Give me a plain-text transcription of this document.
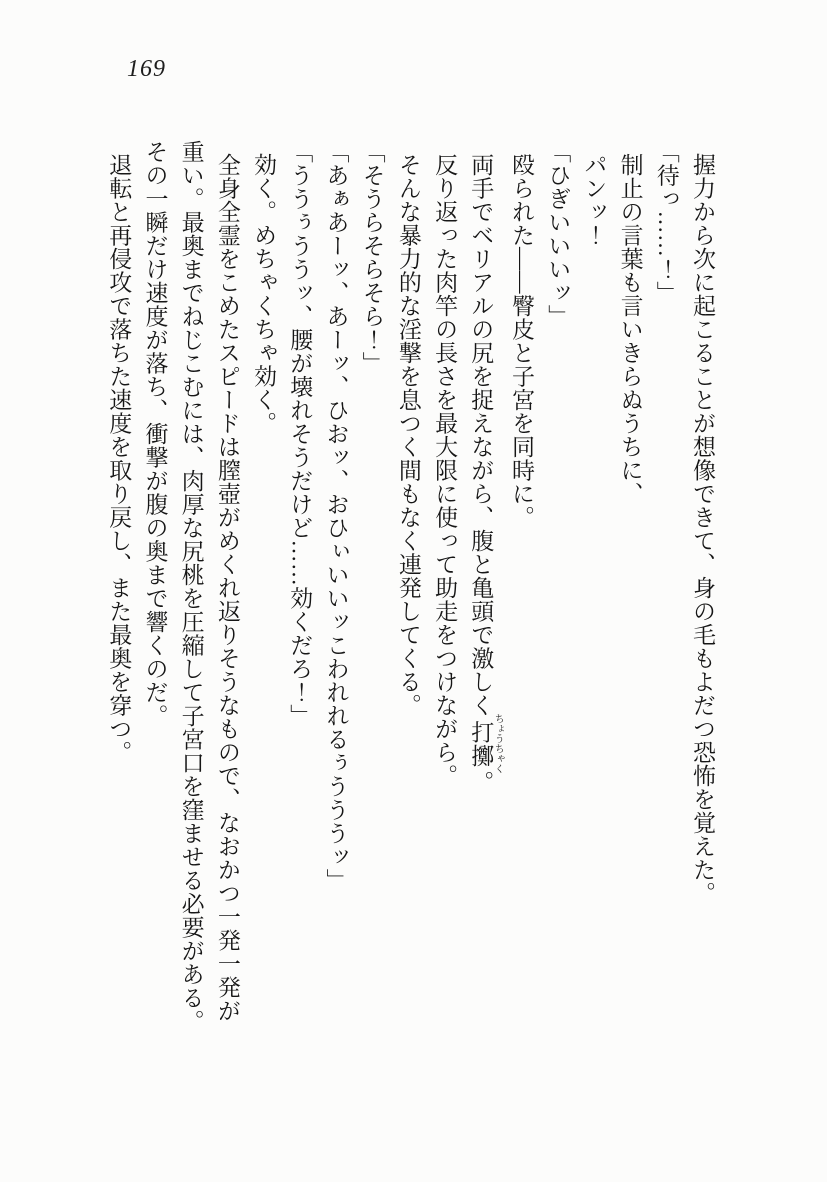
169

握力から次に起こることが想像できて、身の毛もよだつ恐怖を覚えた。

「待っ……！」

制止の言葉も言いきらぬうちに、

パンッ！

「ひぎいいいッ」

殴られた――臀皮と子宮を同時に。

両手でベリアルの尻を捉えながら、腹と亀頭で激しく打擲 ちょうちゃく。

反り返った肉竿の長さを最大限に使って助走をつけながら。

そんな暴力的な淫撃を息つく間もなく連発してくる。

「そうらそらそら！」

「あぁあーッ、あーッ、ひおッ、おひぃいいッこわれれるぅうううッ」

「ううぅううッ、腰が壊れそうだけど……効くだろ！」

効く。めちゃくちゃ効く。

全身全霊をこめたスピードは膣壺がめくれ返りそうなもので、なおかつ一発一発が重い。最奥までねじこむには、肉厚な尻桃を圧縮して子宮口を窪ませる必要がある。その一瞬だけ速度が落ち、衝撃が腹の奥まで響くのだ。

退転と再侵攻で落ちた速度を取り戻し、また最奥を穿つ。
